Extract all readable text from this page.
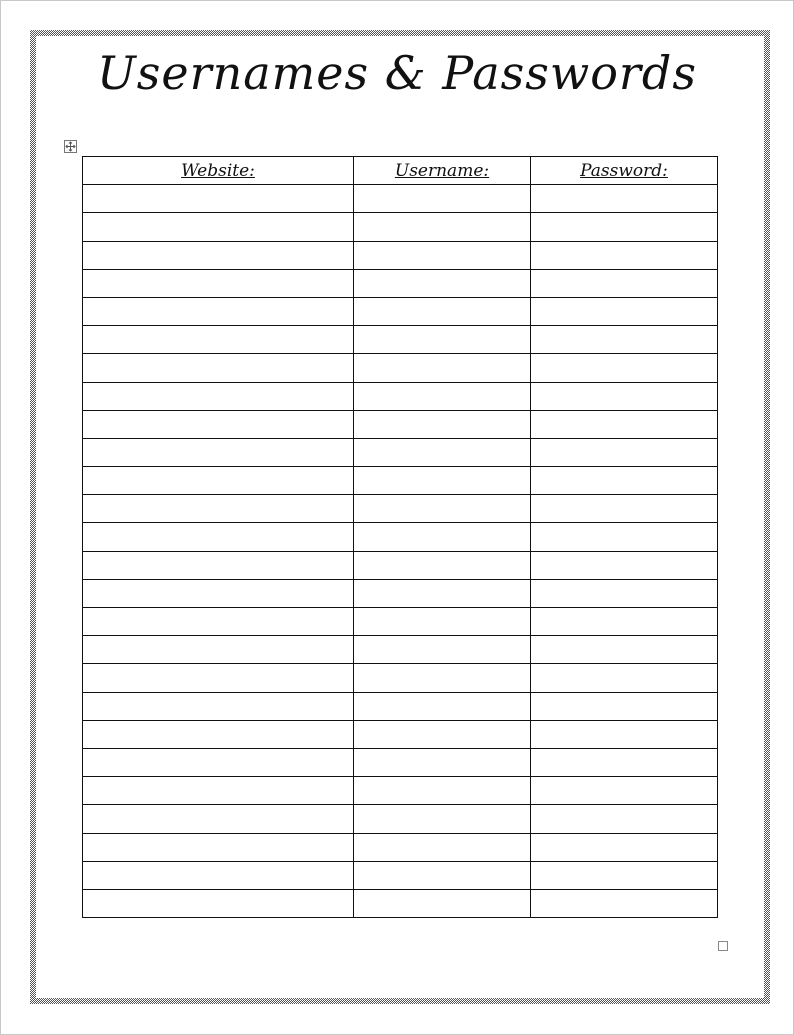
Usernames & Passwords
Website:	Username:	Password:
